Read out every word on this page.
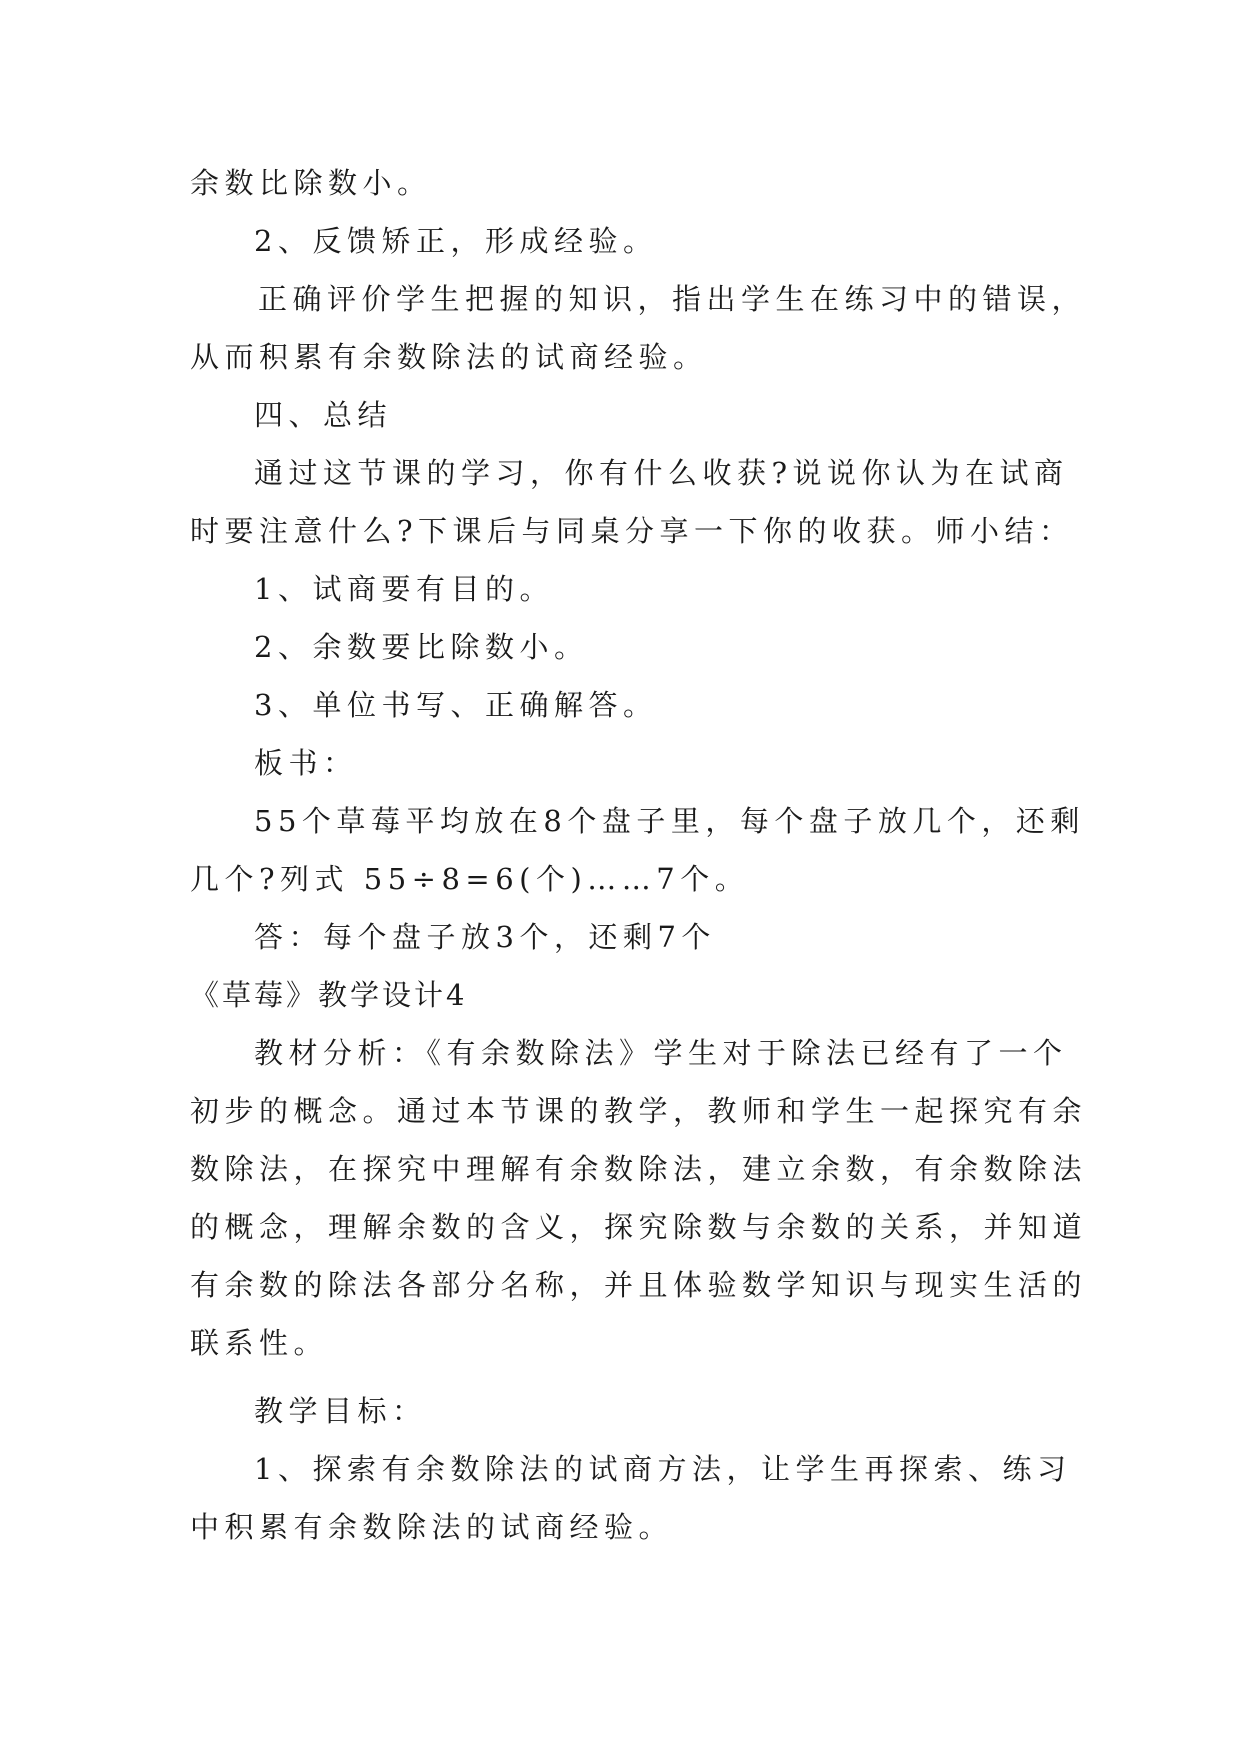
余数比除数小。

2、反馈矫正，形成经验。

正确评价学生把握的知识，指出学生在练习中的错误，

从而积累有余数除法的试商经验。

四、总结

通过这节课的学习，你有什么收获?说说你认为在试商

时要注意什么?下课后与同桌分享一下你的收获。师小结：

1、试商要有目的。

2、余数要比除数小。

3、单位书写、正确解答。

板书：

55个草莓平均放在8个盘子里，每个盘子放几个，还剩

几个?列式 55÷8=6(个)……7个。

答：每个盘子放3个，还剩7个

《草莓》教学设计4

教材分析：《有余数除法》学生对于除法已经有了一个

初步的概念。通过本节课的教学，教师和学生一起探究有余

数除法，在探究中理解有余数除法，建立余数，有余数除法

的概念，理解余数的含义，探究除数与余数的关系，并知道

有余数的除法各部分名称，并且体验数学知识与现实生活的

联系性。

教学目标：

1、探索有余数除法的试商方法，让学生再探索、练习

中积累有余数除法的试商经验。
